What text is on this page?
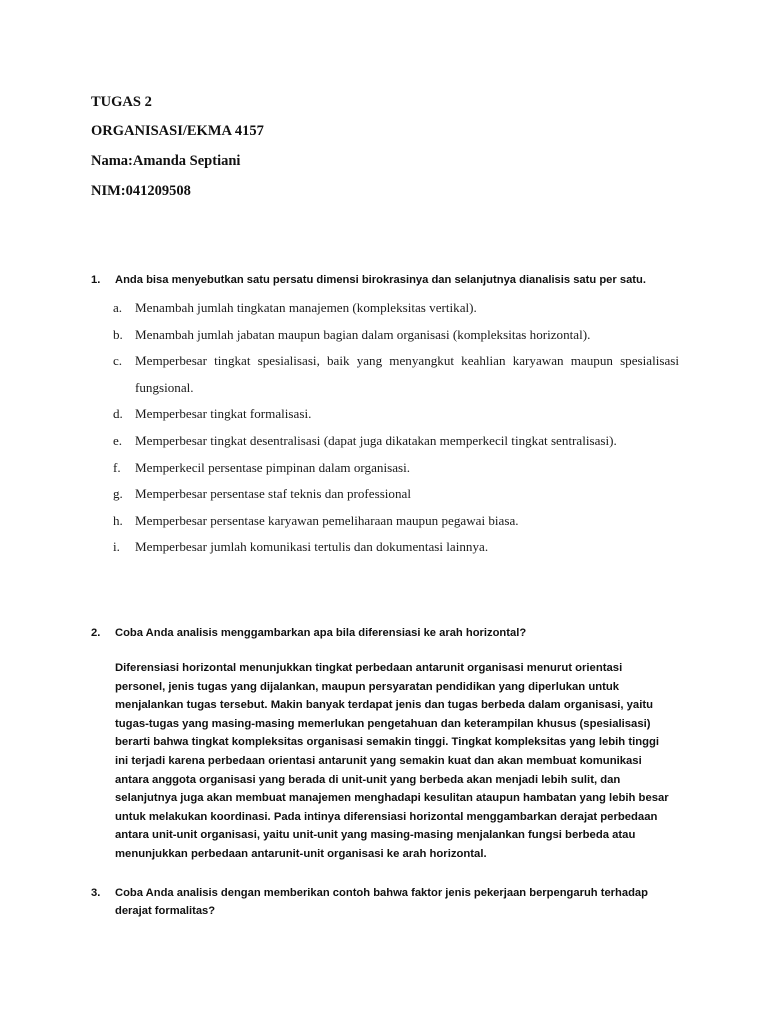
TUGAS 2
ORGANISASI/EKMA 4157
Nama:Amanda Septiani
NIM:041209508
1. Anda bisa menyebutkan satu persatu dimensi birokrasinya dan selanjutnya dianalisis satu per satu.
a. Menambah jumlah tingkatan manajemen (kompleksitas vertikal).
b. Menambah jumlah jabatan maupun bagian dalam organisasi (kompleksitas horizontal).
c. Memperbesar tingkat spesialisasi, baik yang menyangkut keahlian karyawan maupun spesialisasi fungsional.
d. Memperbesar tingkat formalisasi.
e. Memperbesar tingkat desentralisasi (dapat juga dikatakan memperkecil tingkat sentralisasi).
f. Memperkecil persentase pimpinan dalam organisasi.
g. Memperbesar persentase staf teknis dan professional
h. Memperbesar persentase karyawan pemeliharaan maupun pegawai biasa.
i. Memperbesar jumlah komunikasi tertulis dan dokumentasi lainnya.
2. Coba Anda analisis menggambarkan apa bila diferensiasi ke arah horizontal?
Diferensiasi horizontal menunjukkan tingkat perbedaan antarunit organisasi menurut orientasi personel, jenis tugas yang dijalankan, maupun persyaratan pendidikan yang diperlukan untuk menjalankan tugas tersebut. Makin banyak terdapat jenis dan tugas berbeda dalam organisasi, yaitu tugas-tugas yang masing-masing memerlukan pengetahuan dan keterampilan khusus (spesialisasi) berarti bahwa tingkat kompleksitas organisasi semakin tinggi. Tingkat kompleksitas yang lebih tinggi ini terjadi karena perbedaan orientasi antarunit yang semakin kuat dan akan membuat komunikasi antara anggota organisasi yang berada di unit-unit yang berbeda akan menjadi lebih sulit, dan selanjutnya juga akan membuat manajemen menghadapi kesulitan ataupun hambatan yang lebih besar untuk melakukan koordinasi. Pada intinya diferensiasi horizontal menggambarkan derajat perbedaan antara unit-unit organisasi, yaitu unit-unit yang masing-masing menjalankan fungsi berbeda atau menunjukkan perbedaan antarunit-unit organisasi ke arah horizontal.
3. Coba Anda analisis dengan memberikan contoh bahwa faktor jenis pekerjaan berpengaruh terhadap derajat formalitas?
